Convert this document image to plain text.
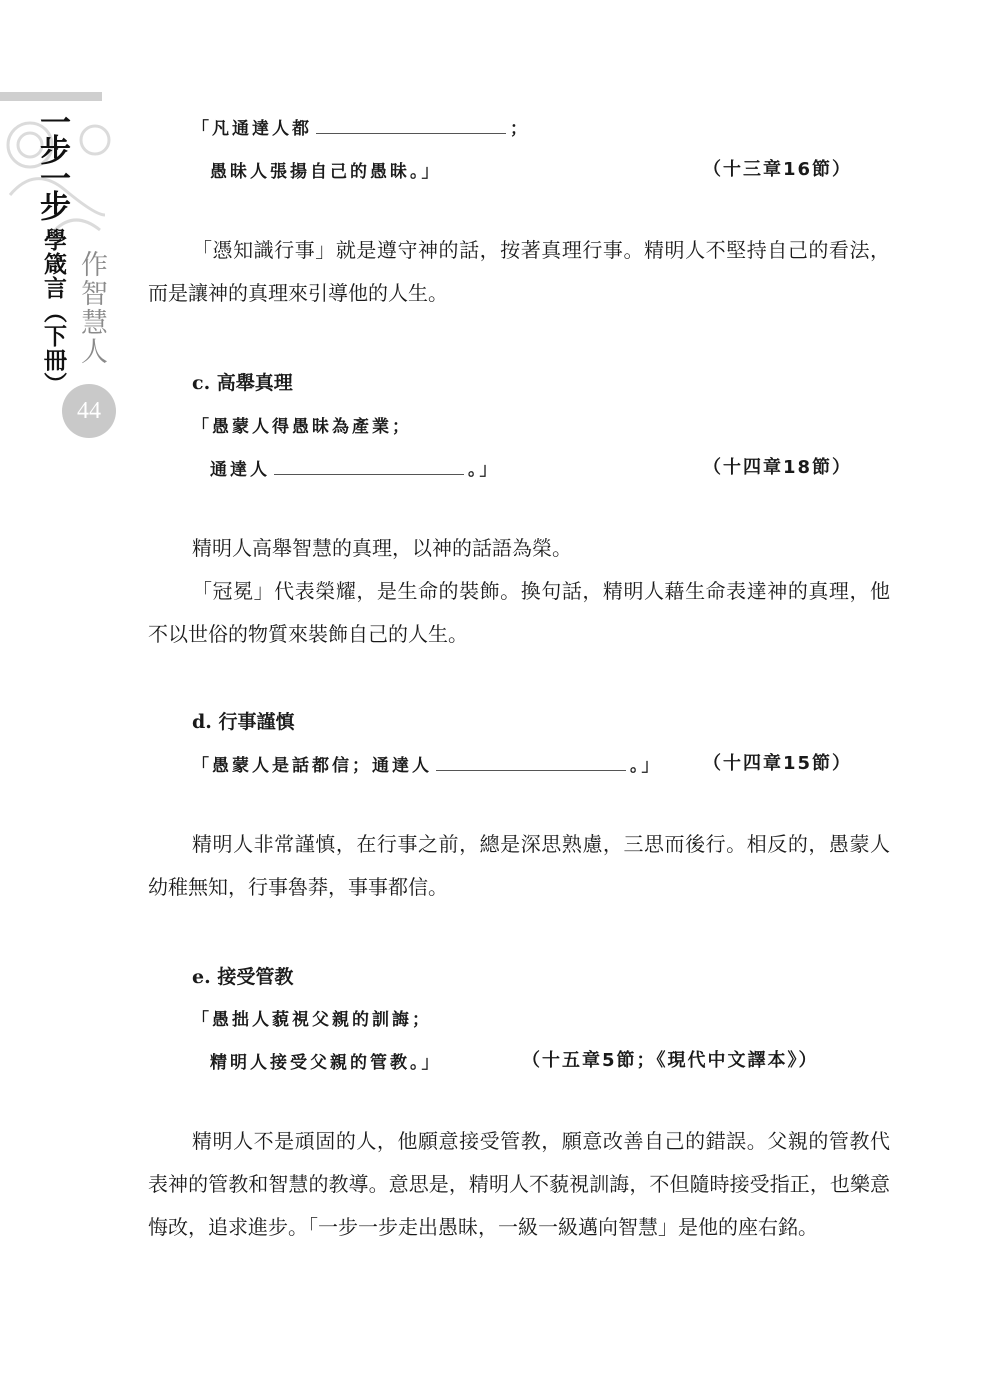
一步一步
學箴言（下冊） 作智慧人
44
「凡通達人都	；
愚昧人張揚自己的愚昧。」	（十三章16節）

「憑知識行事」就是遵守神的話，按著真理行事。精明人不堅持自己的看法，而是讓神的真理來引導他的人生。

c. 高舉真理
「愚蒙人得愚昧為產業；
通達人	。」	（十四章18節）

精明人高舉智慧的真理，以神的話語為榮。

「冠冕」代表榮耀，是生命的裝飾。換句話，精明人藉生命表達神的真理，他不以世俗的物質來裝飾自己的人生。

d. 行事謹慎
「愚蒙人是話都信；通達人	。」 （十四章15節）

精明人非常謹慎，在行事之前，總是深思熟慮，三思而後行。相反的，愚蒙人幼稚無知，行事魯莽，事事都信。

e. 接受管教
「愚拙人藐視父親的訓誨；
精明人接受父親的管教。」	（十五章5節；《現代中文譯本》）

精明人不是頑固的人，他願意接受管教，願意改善自己的錯誤。父親的管教代表神的管教和智慧的教導。意思是，精明人不藐視訓誨，不但隨時接受指正，也樂意悔改，追求進步。「一步一步走出愚昧，一級一級邁向智慧」是他的座右銘。
